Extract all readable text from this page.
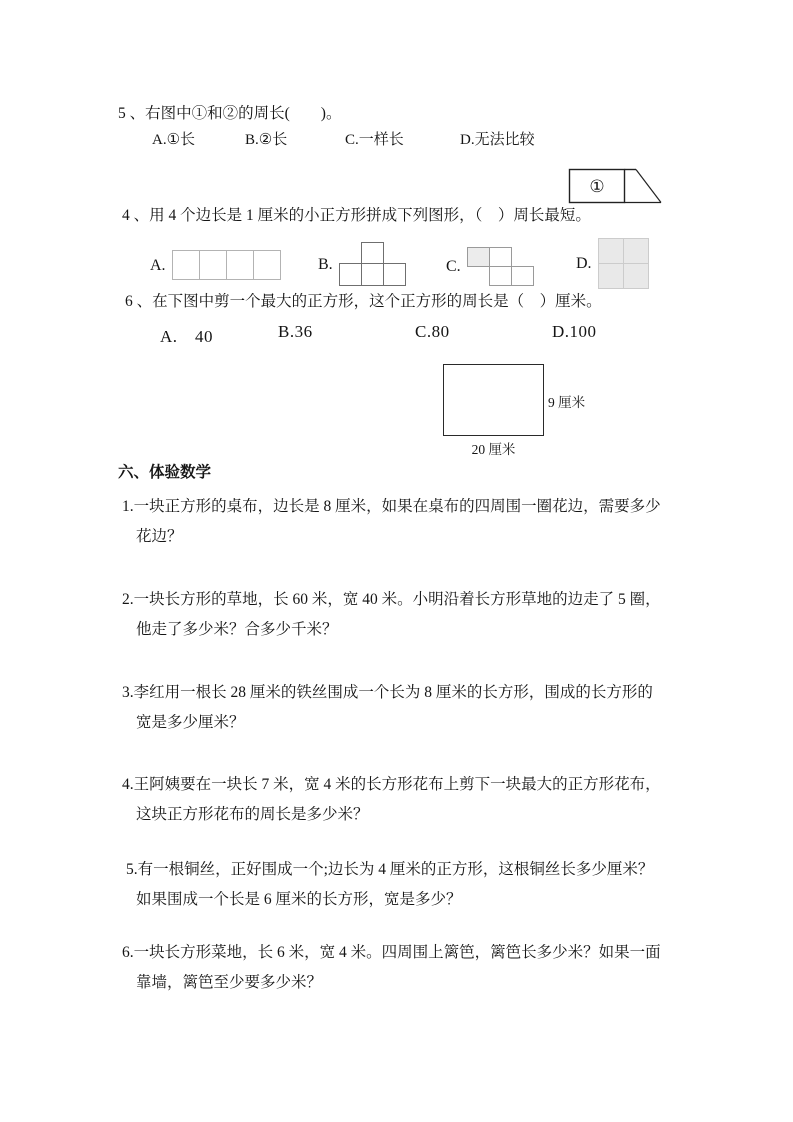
5 、右图中①和②的周长(　　)。
A.①长	B.②长	C.一样长	D.无法比较
①
4 、用 4 个边长是 1 厘米的小正方形拼成下列图形，（　）周长最短。
A.	B.	C.	D.
6 、在下图中剪一个最大的正方形，这个正方形的周长是（　）厘米。
A.　40	B.36	C.80	D.100
9 厘米
20 厘米
六、体验数学
1.一块正方形的桌布，边长是 8 厘米，如果在桌布的四周围一圈花边，需要多少
花边？
2.一块长方形的草地，长 60 米，宽 40 米。小明沿着长方形草地的边走了 5 圈，
他走了多少米？合多少千米？
3.李红用一根长 28 厘米的铁丝围成一个长为 8 厘米的长方形，围成的长方形的
宽是多少厘米？
4.王阿姨要在一块长 7 米，宽 4 米的长方形花布上剪下一块最大的正方形花布，
这块正方形花布的周长是多少米？
5.有一根铜丝，正好围成一个;边长为 4 厘米的正方形，这根铜丝长多少厘米？
如果围成一个长是 6 厘米的长方形，宽是多少？
6.一块长方形菜地，长 6 米，宽 4 米。四周围上篱笆，篱笆长多少米？如果一面
靠墙，篱笆至少要多少米？
